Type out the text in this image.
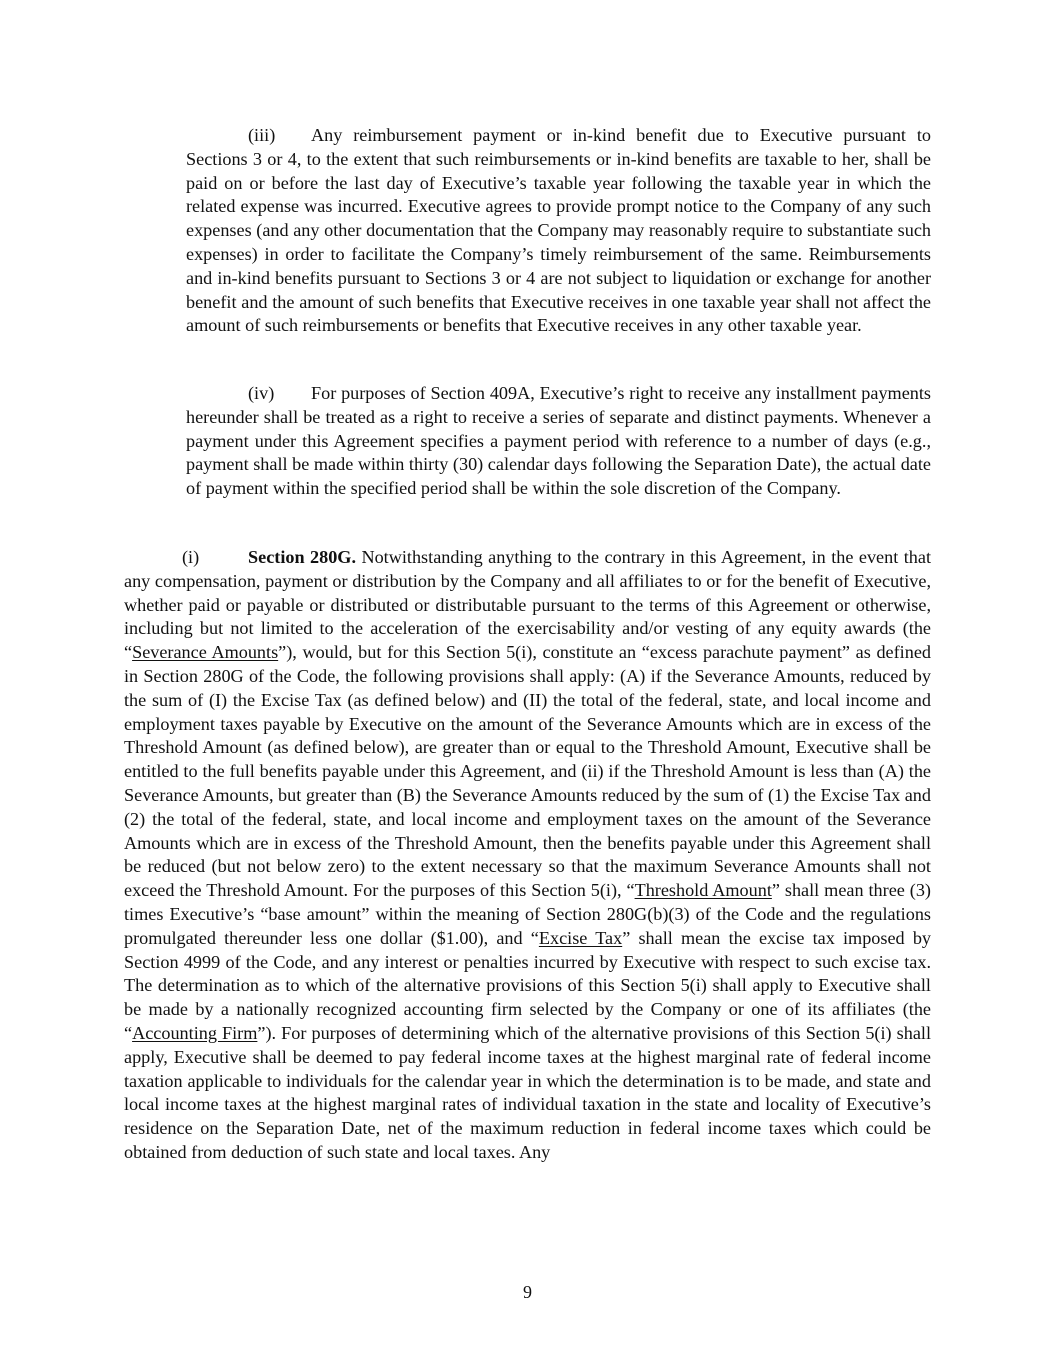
(iii) Any reimbursement payment or in-kind benefit due to Executive pursuant to Sections 3 or 4, to the extent that such reimbursements or in-kind benefits are taxable to her, shall be paid on or before the last day of Executive’s taxable year following the taxable year in which the related expense was incurred. Executive agrees to provide prompt notice to the Company of any such expenses (and any other documentation that the Company may reasonably require to substantiate such expenses) in order to facilitate the Company’s timely reimbursement of the same. Reimbursements and in-kind benefits pursuant to Sections 3 or 4 are not subject to liquidation or exchange for another benefit and the amount of such benefits that Executive receives in one taxable year shall not affect the amount of such reimbursements or benefits that Executive receives in any other taxable year.

(iv) For purposes of Section 409A, Executive’s right to receive any installment payments hereunder shall be treated as a right to receive a series of separate and distinct payments. Whenever a payment under this Agreement specifies a payment period with reference to a number of days (e.g., payment shall be made within thirty (30) calendar days following the Separation Date), the actual date of payment within the specified period shall be within the sole discretion of the Company.

(i)	Section 280G. Notwithstanding anything to the contrary in this Agreement, in the event that any compensation, payment or distribution by the Company and all affiliates to or for the benefit of Executive, whether paid or payable or distributed or distributable pursuant to the terms of this Agreement or otherwise, including but not limited to the acceleration of the exercisability and/or vesting of any equity awards (the “Severance Amounts”), would, but for this Section 5(i), constitute an “excess parachute payment” as defined in Section 280G of the Code, the following provisions shall apply: (A) if the Severance Amounts, reduced by the sum of (I) the Excise Tax (as defined below) and (II) the total of the federal, state, and local income and employment taxes payable by Executive on the amount of the Severance Amounts which are in excess of the Threshold Amount (as defined below), are greater than or equal to the Threshold Amount, Executive shall be entitled to the full benefits payable under this Agreement, and (ii) if the Threshold Amount is less than (A) the Severance Amounts, but greater than (B) the Severance Amounts reduced by the sum of (1) the Excise Tax and (2) the total of the federal, state, and local income and employment taxes on the amount of the Severance Amounts which are in excess of the Threshold Amount, then the benefits payable under this Agreement shall be reduced (but not below zero) to the extent necessary so that the maximum Severance Amounts shall not exceed the Threshold Amount. For the purposes of this Section 5(i), “Threshold Amount” shall mean three (3) times Executive’s “base amount” within the meaning of Section 280G(b)(3) of the Code and the regulations promulgated thereunder less one dollar ($1.00), and “Excise Tax” shall mean the excise tax imposed by Section 4999 of the Code, and any interest or penalties incurred by Executive with respect to such excise tax. The determination as to which of the alternative provisions of this Section 5(i) shall apply to Executive shall be made by a nationally recognized accounting firm selected by the Company or one of its affiliates (the “Accounting Firm”). For purposes of determining which of the alternative provisions of this Section 5(i) shall apply, Executive shall be deemed to pay federal income taxes at the highest marginal rate of federal income taxation applicable to individuals for the calendar year in which the determination is to be made, and state and local income taxes at the highest marginal rates of individual taxation in the state and locality of Executive’s residence on the Separation Date, net of the maximum reduction in federal income taxes which could be obtained from deduction of such state and local taxes. Any

9
